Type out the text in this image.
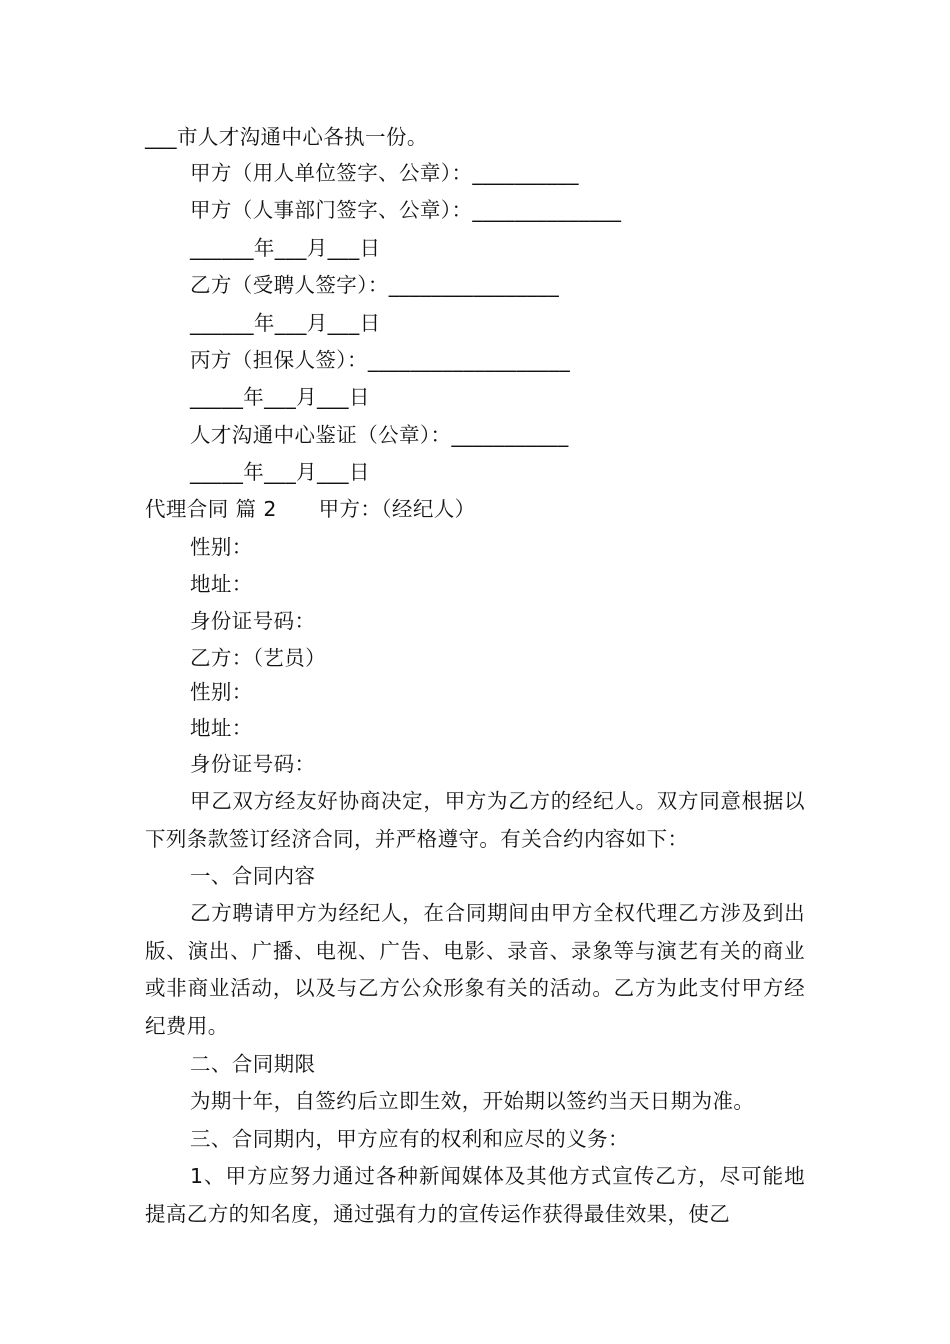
___市人才沟通中心各执一份。
甲方（用人单位签字、公章）：__________
甲方（人事部门签字、公章）：______________
______年___月___日
乙方（受聘人签字）：________________
______年___月___日
丙方（担保人签）：___________________
_____年___月___日
人才沟通中心鉴证（公章）：___________
_____年___月___日
代理合同 篇 2　　甲方：（经纪人）
性别：
地址：
身份证号码：
乙方：（艺员）
性别：
地址：
身份证号码：
甲乙双方经友好协商决定，甲方为乙方的经纪人。双方同意根据以下列条款签订经济合同，并严格遵守。有关合约内容如下：
一、合同内容
乙方聘请甲方为经纪人，在合同期间由甲方全权代理乙方涉及到出版、演出、广播、电视、广告、电影、录音、录象等与演艺有关的商业或非商业活动，以及与乙方公众形象有关的活动。乙方为此支付甲方经纪费用。
二、合同期限
为期十年，自签约后立即生效，开始期以签约当天日期为准。
三、合同期内，甲方应有的权利和应尽的义务：
1、甲方应努力通过各种新闻媒体及其他方式宣传乙方，尽可能地提高乙方的知名度，通过强有力的宣传运作获得最佳效果，使乙
